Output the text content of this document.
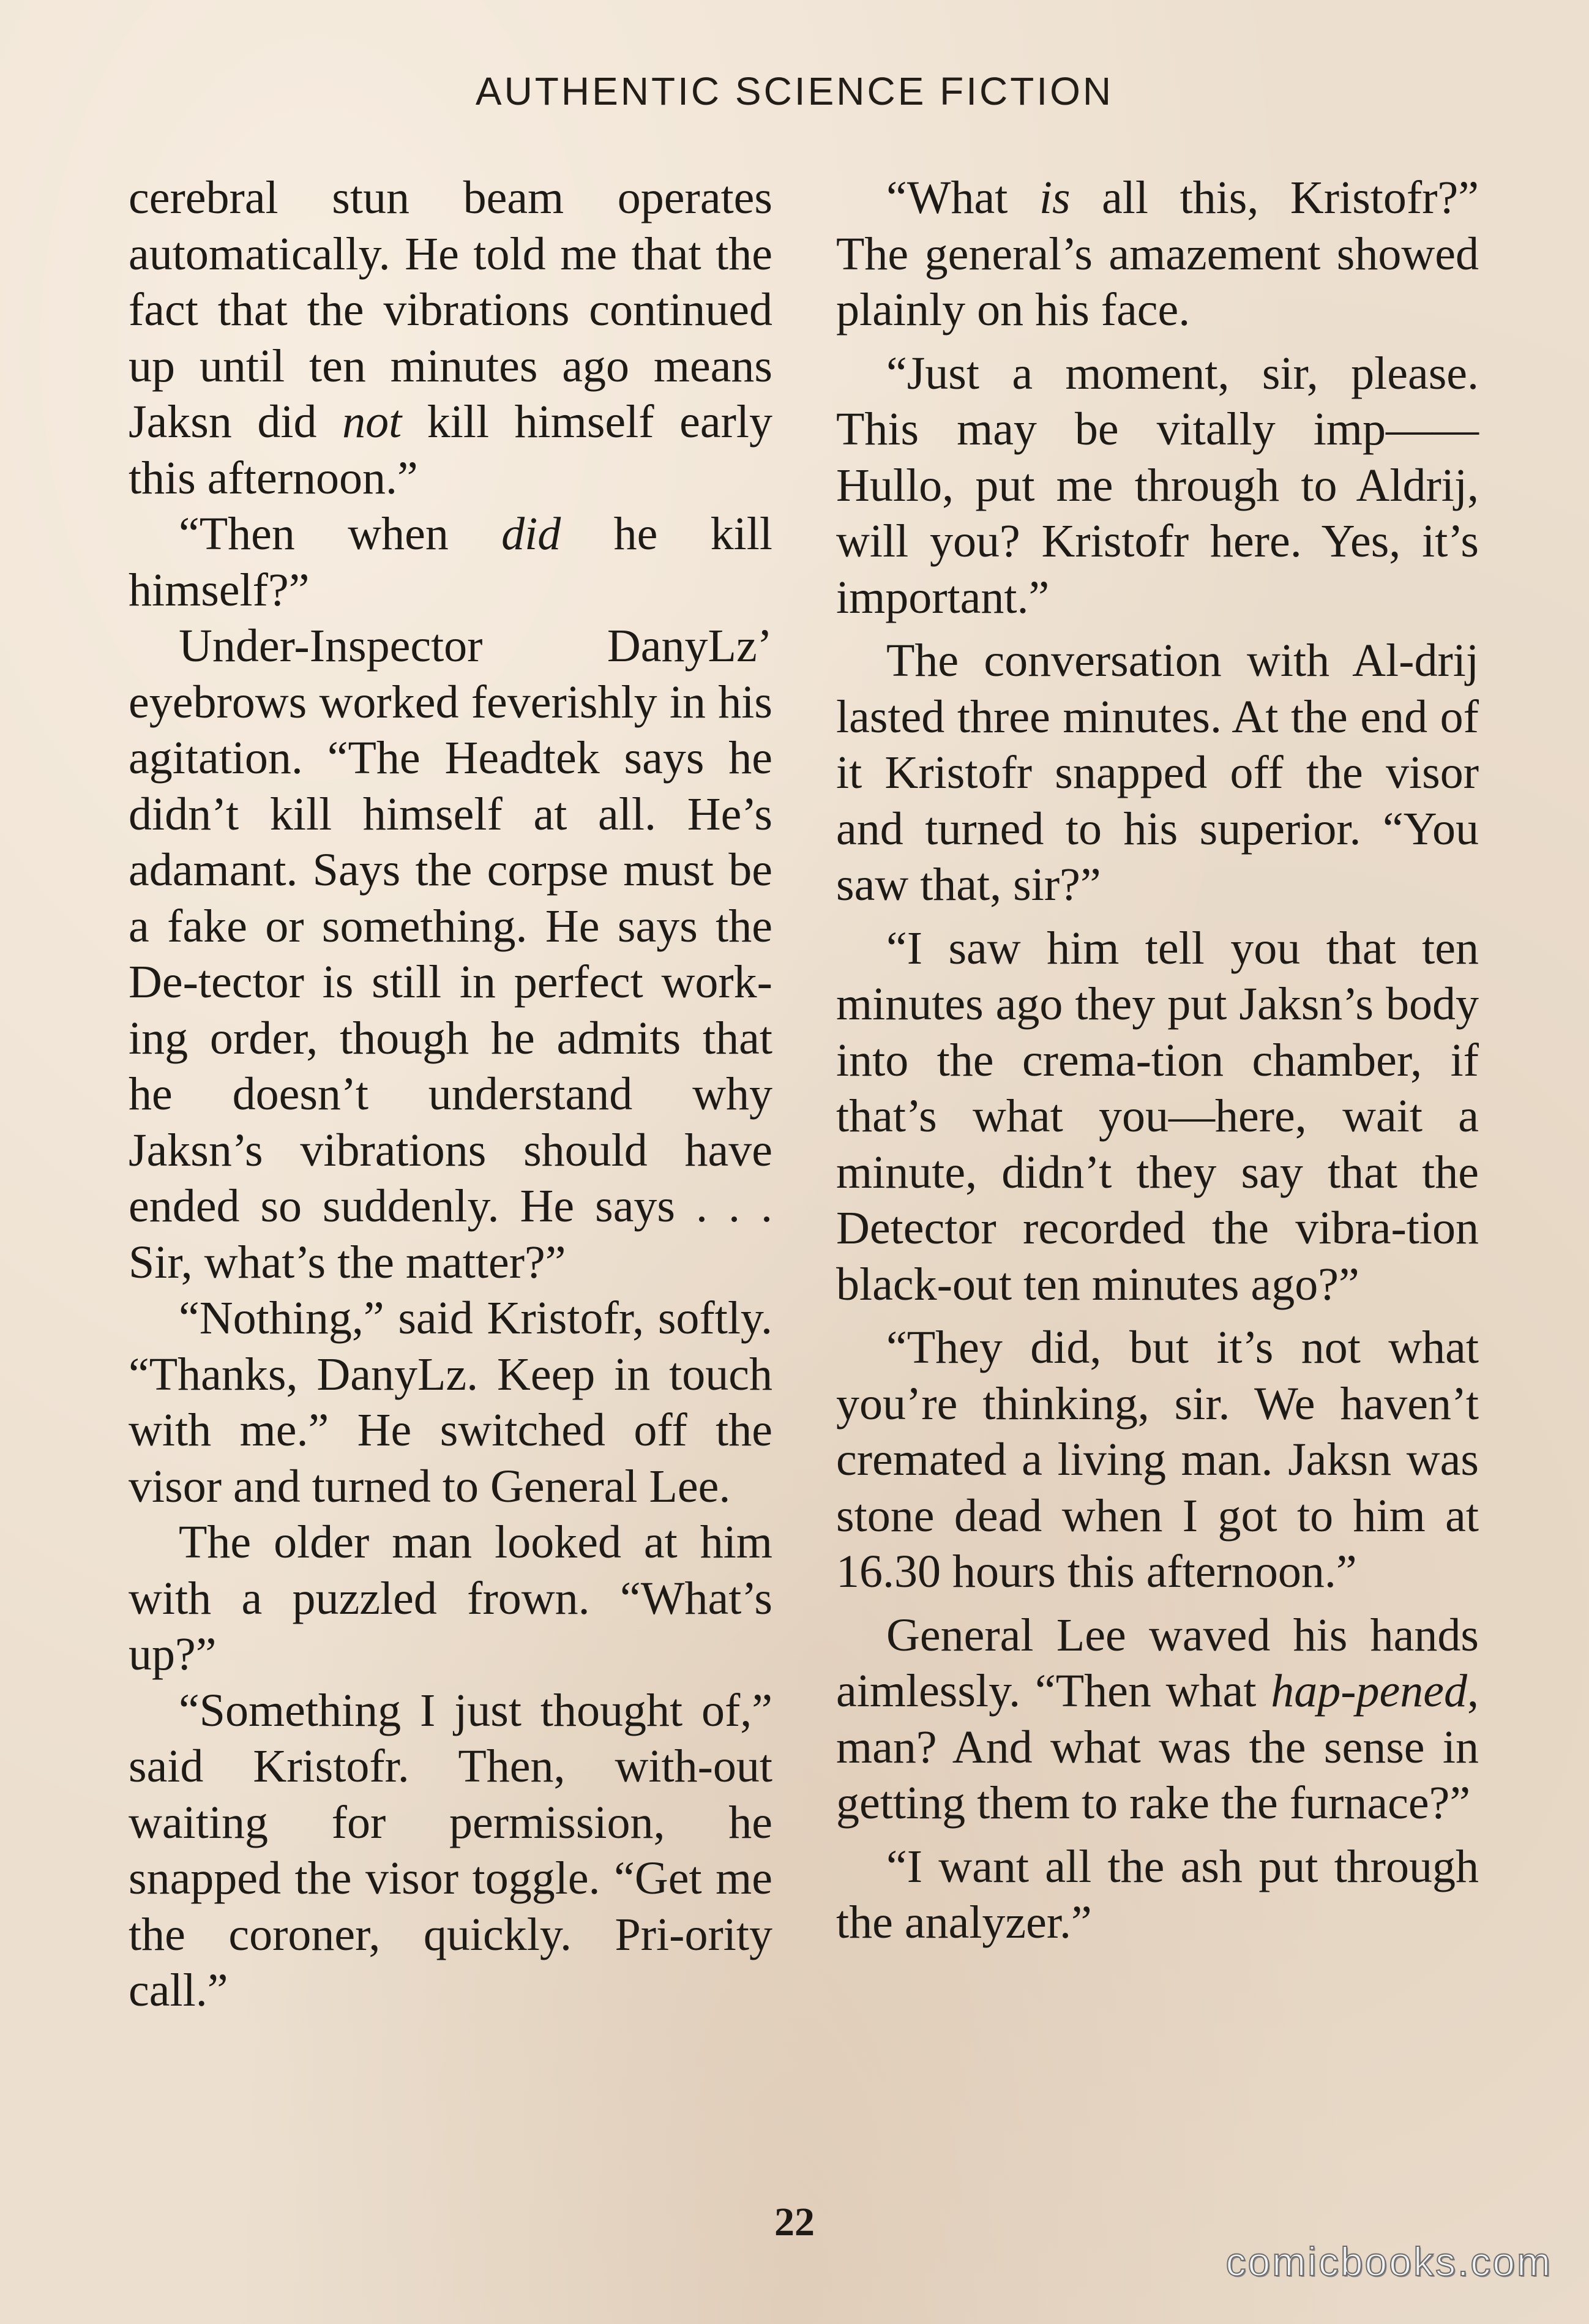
AUTHENTIC SCIENCE FICTION

cerebral stun beam operates automatically. He told me that the fact that the vibrations continued up until ten minutes ago means Jaksn did not kill himself early this afternoon.”

“Then when did he kill himself?”

Under-Inspector DanyLz’ eyebrows worked feverishly in his agitation. “The Headtek says he didn’t kill himself at all. He’s adamant. Says the corpse must be a fake or something. He says the De-tector is still in perfect work-ing order, though he admits that he doesn’t understand why Jaksn’s vibrations should have ended so suddenly. He says . . . Sir, what’s the matter?”

“Nothing,” said Kristofr, softly. “Thanks, DanyLz. Keep in touch with me.” He switched off the visor and turned to General Lee.

The older man looked at him with a puzzled frown. “What’s up?”

“Something I just thought of,” said Kristofr. Then, with-out waiting for permission, he snapped the visor toggle. “Get me the coroner, quickly. Pri-ority call.”

“What is all this, Kristofr?” The general’s amazement showed plainly on his face.

“Just a moment, sir, please. This may be vitally imp—— Hullo, put me through to Aldrij, will you? Kristofr here. Yes, it’s important.”

The conversation with Al-drij lasted three minutes. At the end of it Kristofr snapped off the visor and turned to his superior. “You saw that, sir?”

“I saw him tell you that ten minutes ago they put Jaksn’s body into the crema-tion chamber, if that’s what you—here, wait a minute, didn’t they say that the Detector recorded the vibra-tion black-out ten minutes ago?”

“They did, but it’s not what you’re thinking, sir. We haven’t cremated a living man. Jaksn was stone dead when I got to him at 16.30 hours this afternoon.”

General Lee waved his hands aimlessly. “Then what hap-pened, man? And what was the sense in getting them to rake the furnace?”

“I want all the ash put through the analyzer.”

22
comicbooks.com
